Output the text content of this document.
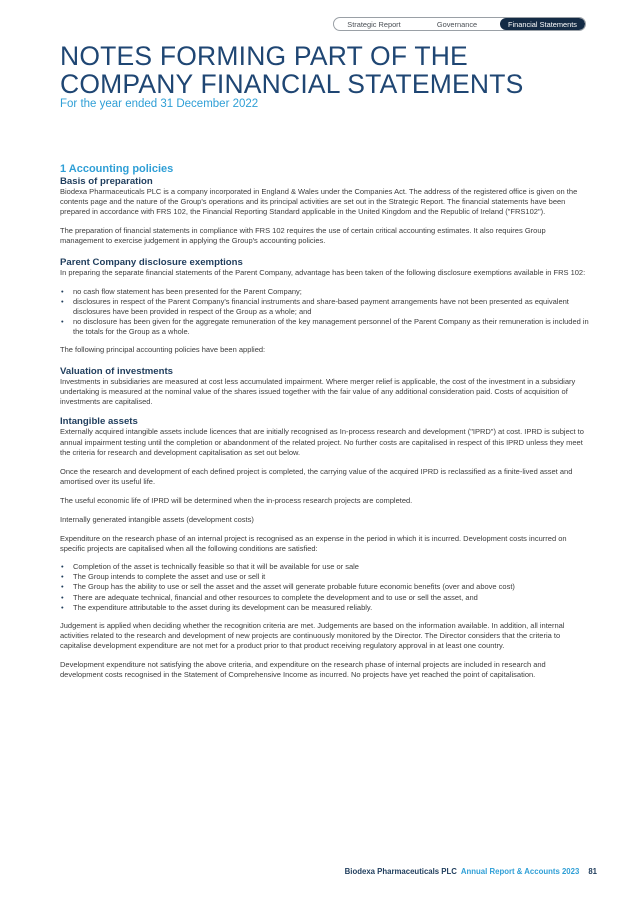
Strategic Report	Governance	Financial Statements
NOTES FORMING PART OF THE
COMPANY FINANCIAL STATEMENTS
For the year ended 31 December 2022
1 Accounting policies
Basis of preparation

Biodexa Pharmaceuticals PLC is a company incorporated in England & Wales under the Companies Act. The address of the registered office is given on the contents page and the nature of the Group's operations and its principal activities are set out in the Strategic Report. The financial statements have been prepared in accordance with FRS 102, the Financial Reporting Standard applicable in the United Kingdom and the Republic of Ireland ("FRS102").

The preparation of financial statements in compliance with FRS 102 requires the use of certain critical accounting estimates. It also requires Group management to exercise judgement in applying the Group's accounting policies.

Parent Company disclosure exemptions

In preparing the separate financial statements of the Parent Company, advantage has been taken of the following disclosure exemptions available in FRS 102:

• no cash flow statement has been presented for the Parent Company;
• disclosures in respect of the Parent Company's financial instruments and share-based payment arrangements have not been presented as equivalent disclosures have been provided in respect of the Group as a whole; and
• no disclosure has been given for the aggregate remuneration of the key management personnel of the Parent Company as their remuneration is included in the totals for the Group as a whole.

The following principal accounting policies have been applied:

Valuation of investments

Investments in subsidiaries are measured at cost less accumulated impairment. Where merger relief is applicable, the cost of the investment in a subsidiary undertaking is measured at the nominal value of the shares issued together with the fair value of any additional consideration paid. Costs of acquisition of investments are capitalised.

Intangible assets

Externally acquired intangible assets include licences that are initially recognised as In-process research and development ("IPRD") at cost. IPRD is subject to annual impairment testing until the completion or abandonment of the related project. No further costs are capitalised in respect of this IPRD unless they meet the criteria for research and development capitalisation as set out below.

Once the research and development of each defined project is completed, the carrying value of the acquired IPRD is reclassified as a finite-lived asset and amortised over its useful life.

The useful economic life of IPRD will be determined when the in-process research projects are completed.

Internally generated intangible assets (development costs)

Expenditure on the research phase of an internal project is recognised as an expense in the period in which it is incurred. Development costs incurred on specific projects are capitalised when all the following conditions are satisfied:

• Completion of the asset is technically feasible so that it will be available for use or sale
• The Group intends to complete the asset and use or sell it
• The Group has the ability to use or sell the asset and the asset will generate probable future economic benefits (over and above cost)
• There are adequate technical, financial and other resources to complete the development and to use or sell the asset, and
• The expenditure attributable to the asset during its development can be measured reliably.

Judgement is applied when deciding whether the recognition criteria are met. Judgements are based on the information available. In addition, all internal activities related to the research and development of new projects are continuously monitored by the Director. The Director considers that the criteria to capitalise development expenditure are not met for a product prior to that product receiving regulatory approval in at least one country.

Development expenditure not satisfying the above criteria, and expenditure on the research phase of internal projects are included in research and development costs recognised in the Statement of Comprehensive Income as incurred. No projects have yet reached the point of capitalisation.

Biodexa Pharmaceuticals PLC Annual Report & Accounts 2023 81
